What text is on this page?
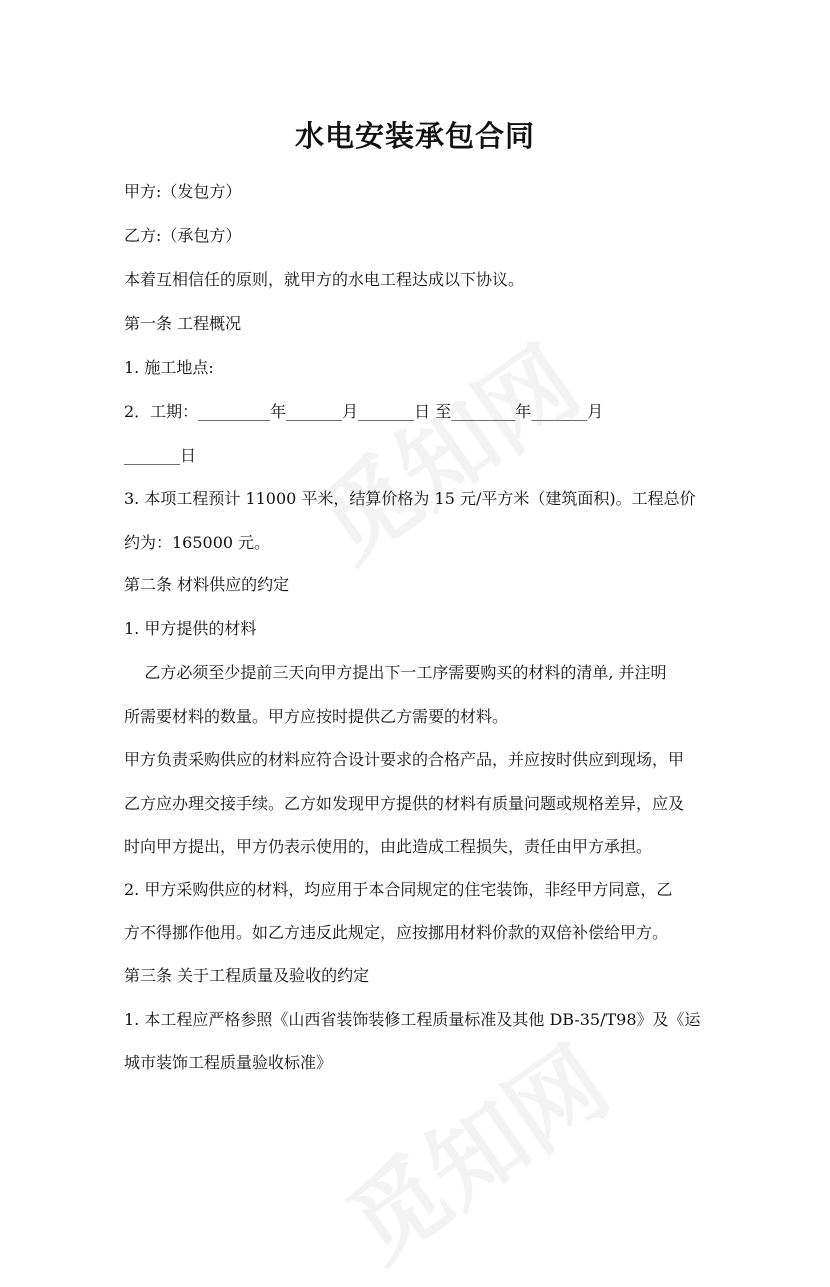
水电安装承包合同
甲方:（发包方）
乙方:（承包方）
本着互相信任的原则，就甲方的水电工程达成以下协议。
第一条 工程概况
1. 施工地点:
2．工期：_________年_______月_______日 至________年_______月
_______日
3. 本项工程预计 11000 平米，结算价格为 15 元/平方米（建筑面积)。工程总价
约为：165000 元。
第二条 材料供应的约定
1. 甲方提供的材料
乙方必须至少提前三天向甲方提出下一工序需要购买的材料的清单, 并注明
所需要材料的数量。甲方应按时提供乙方需要的材料。
甲方负责采购供应的材料应符合设计要求的合格产品，并应按时供应到现场，甲
乙方应办理交接手续。乙方如发现甲方提供的材料有质量问题或规格差异，应及
时向甲方提出，甲方仍表示使用的，由此造成工程损失，责任由甲方承担。
2. 甲方采购供应的材料，均应用于本合同规定的住宅装饰，非经甲方同意，乙
方不得挪作他用。如乙方违反此规定，应按挪用材料价款的双倍补偿给甲方。
第三条 关于工程质量及验收的约定
1. 本工程应严格参照《山西省装饰装修工程质量标准及其他 DB-35/T98》及《运
城市装饰工程质量验收标准》
